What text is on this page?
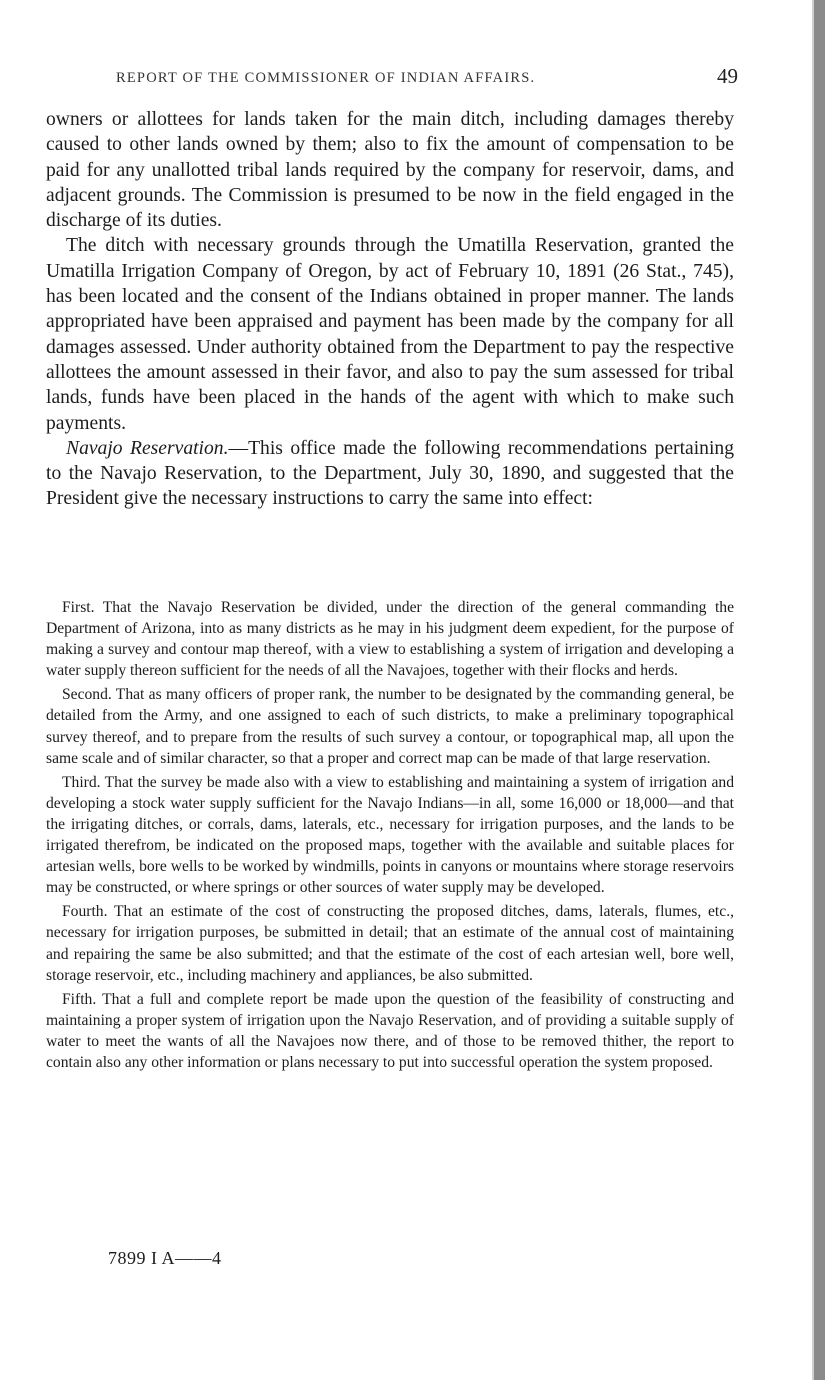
REPORT OF THE COMMISSIONER OF INDIAN AFFAIRS.	49

owners or allottees for lands taken for the main ditch, including damages thereby caused to other lands owned by them; also to fix the amount of compensation to be paid for any unallotted tribal lands required by the company for reservoir, dams, and adjacent grounds. The Commission is presumed to be now in the field engaged in the discharge of its duties.

The ditch with necessary grounds through the Umatilla Reservation, granted the Umatilla Irrigation Company of Oregon, by act of February 10, 1891 (26 Stat., 745), has been located and the consent of the Indians obtained in proper manner. The lands appropriated have been appraised and payment has been made by the company for all damages assessed. Under authority obtained from the Department to pay the respective allottees the amount assessed in their favor, and also to pay the sum assessed for tribal lands, funds have been placed in the hands of the agent with which to make such payments.

Navajo Reservation.—This office made the following recommendations pertaining to the Navajo Reservation, to the Department, July 30, 1890, and suggested that the President give the necessary instructions to carry the same into effect:

First. That the Navajo Reservation be divided, under the direction of the general commanding the Department of Arizona, into as many districts as he may in his judgment deem expedient, for the purpose of making a survey and contour map thereof, with a view to establishing a system of irrigation and developing a water supply thereon sufficient for the needs of all the Navajoes, together with their flocks and herds.

Second. That as many officers of proper rank, the number to be designated by the commanding general, be detailed from the Army, and one assigned to each of such districts, to make a preliminary topographical survey thereof, and to prepare from the results of such survey a contour, or topographical map, all upon the same scale and of similar character, so that a proper and correct map can be made of that large reservation.

Third. That the survey be made also with a view to establishing and maintaining a system of irrigation and developing a stock water supply sufficient for the Navajo Indians—in all, some 16,000 or 18,000—and that the irrigating ditches, or corrals, dams, laterals, etc., necessary for irrigation purposes, and the lands to be irrigated therefrom, be indicated on the proposed maps, together with the available and suitable places for artesian wells, bore wells to be worked by windmills, points in canyons or mountains where storage reservoirs may be constructed, or where springs or other sources of water supply may be developed.

Fourth. That an estimate of the cost of constructing the proposed ditches, dams, laterals, flumes, etc., necessary for irrigation purposes, be submitted in detail; that an estimate of the annual cost of maintaining and repairing the same be also submitted; and that the estimate of the cost of each artesian well, bore well, storage reservoir, etc., including machinery and appliances, be also submitted.

Fifth. That a full and complete report be made upon the question of the feasibility of constructing and maintaining a proper system of irrigation upon the Navajo Reservation, and of providing a suitable supply of water to meet the wants of all the Navajoes now there, and of those to be removed thither, the report to contain also any other information or plans necessary to put into successful operation the system proposed.

7899 I A——4
